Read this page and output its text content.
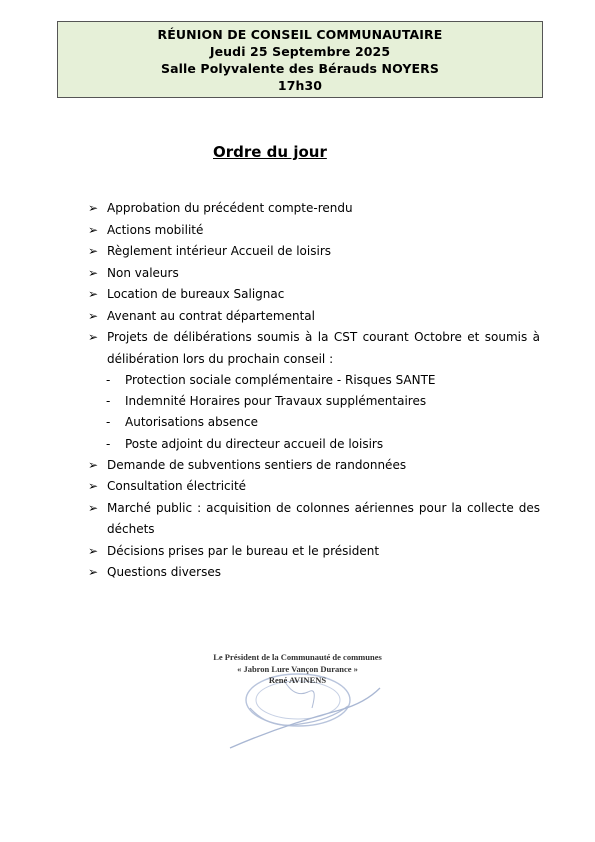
RÉUNION DE CONSEIL COMMUNAUTAIRE
Jeudi 25 Septembre 2025
Salle Polyvalente des Bérauds NOYERS
17h30
Ordre du jour
➢ Approbation du précédent compte-rendu
➢ Actions mobilité
➢ Règlement intérieur Accueil de loisirs
➢ Non valeurs
➢ Location de bureaux Salignac
➢ Avenant au contrat départemental
➢ Projets de délibérations soumis à la CST courant Octobre et soumis à délibération lors du prochain conseil :
- Protection sociale complémentaire - Risques SANTE
- Indemnité Horaires pour Travaux supplémentaires
- Autorisations absence
- Poste adjoint du directeur accueil de loisirs
➢ Demande de subventions sentiers de randonnées
➢ Consultation électricité
➢ Marché public : acquisition de colonnes aériennes pour la collecte des déchets
➢ Décisions prises par le bureau et le président
➢ Questions diverses
Le Président de la Communauté de communes
« Jabron Lure Vançon Durance »
René AVINENS
